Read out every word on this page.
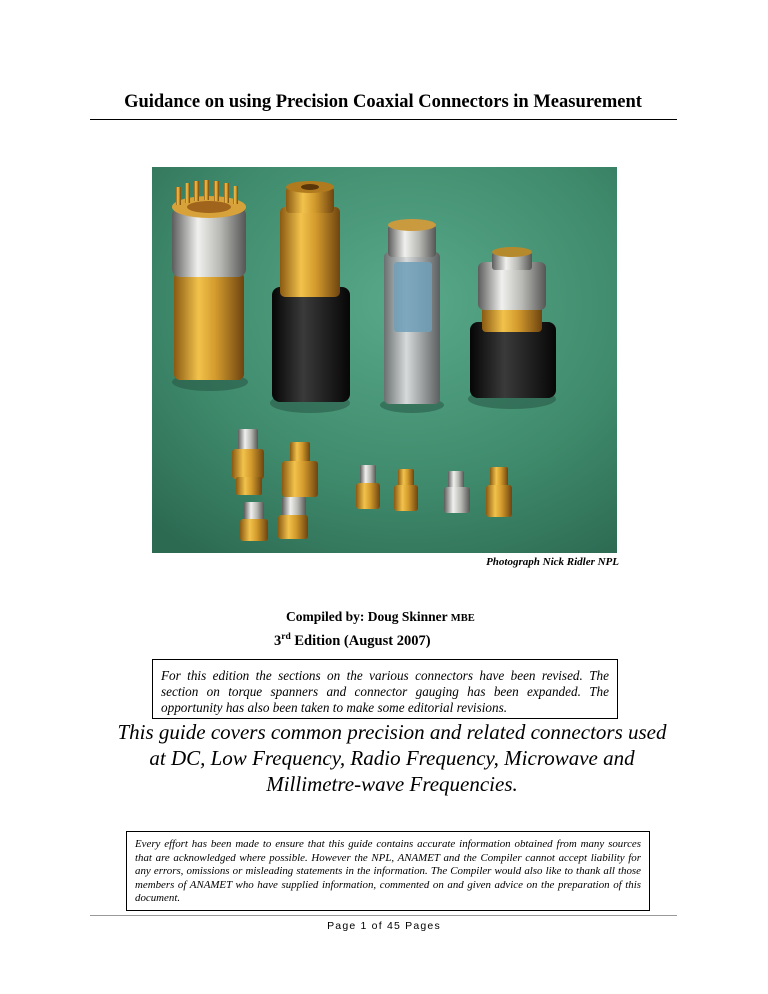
Guidance on using Precision Coaxial Connectors in Measurement
Photograph Nick Ridler NPL
Compiled by: Doug Skinner MBE
3rd Edition (August 2007)
For this edition the sections on the various connectors have been revised. The section on torque spanners and connector gauging has been expanded. The opportunity has also been taken to make some editorial revisions.
This guide covers common precision and related connectors used at DC, Low Frequency, Radio Frequency, Microwave and Millimetre-wave Frequencies.
Every effort has been made to ensure that this guide contains accurate information obtained from many sources that are acknowledged where possible. However the NPL, ANAMET and the Compiler cannot accept liability for any errors, omissions or misleading statements in the information. The Compiler would also like to thank all those members of ANAMET who have supplied information, commented on and given advice on the preparation of this document.
Page 1 of 45 Pages
